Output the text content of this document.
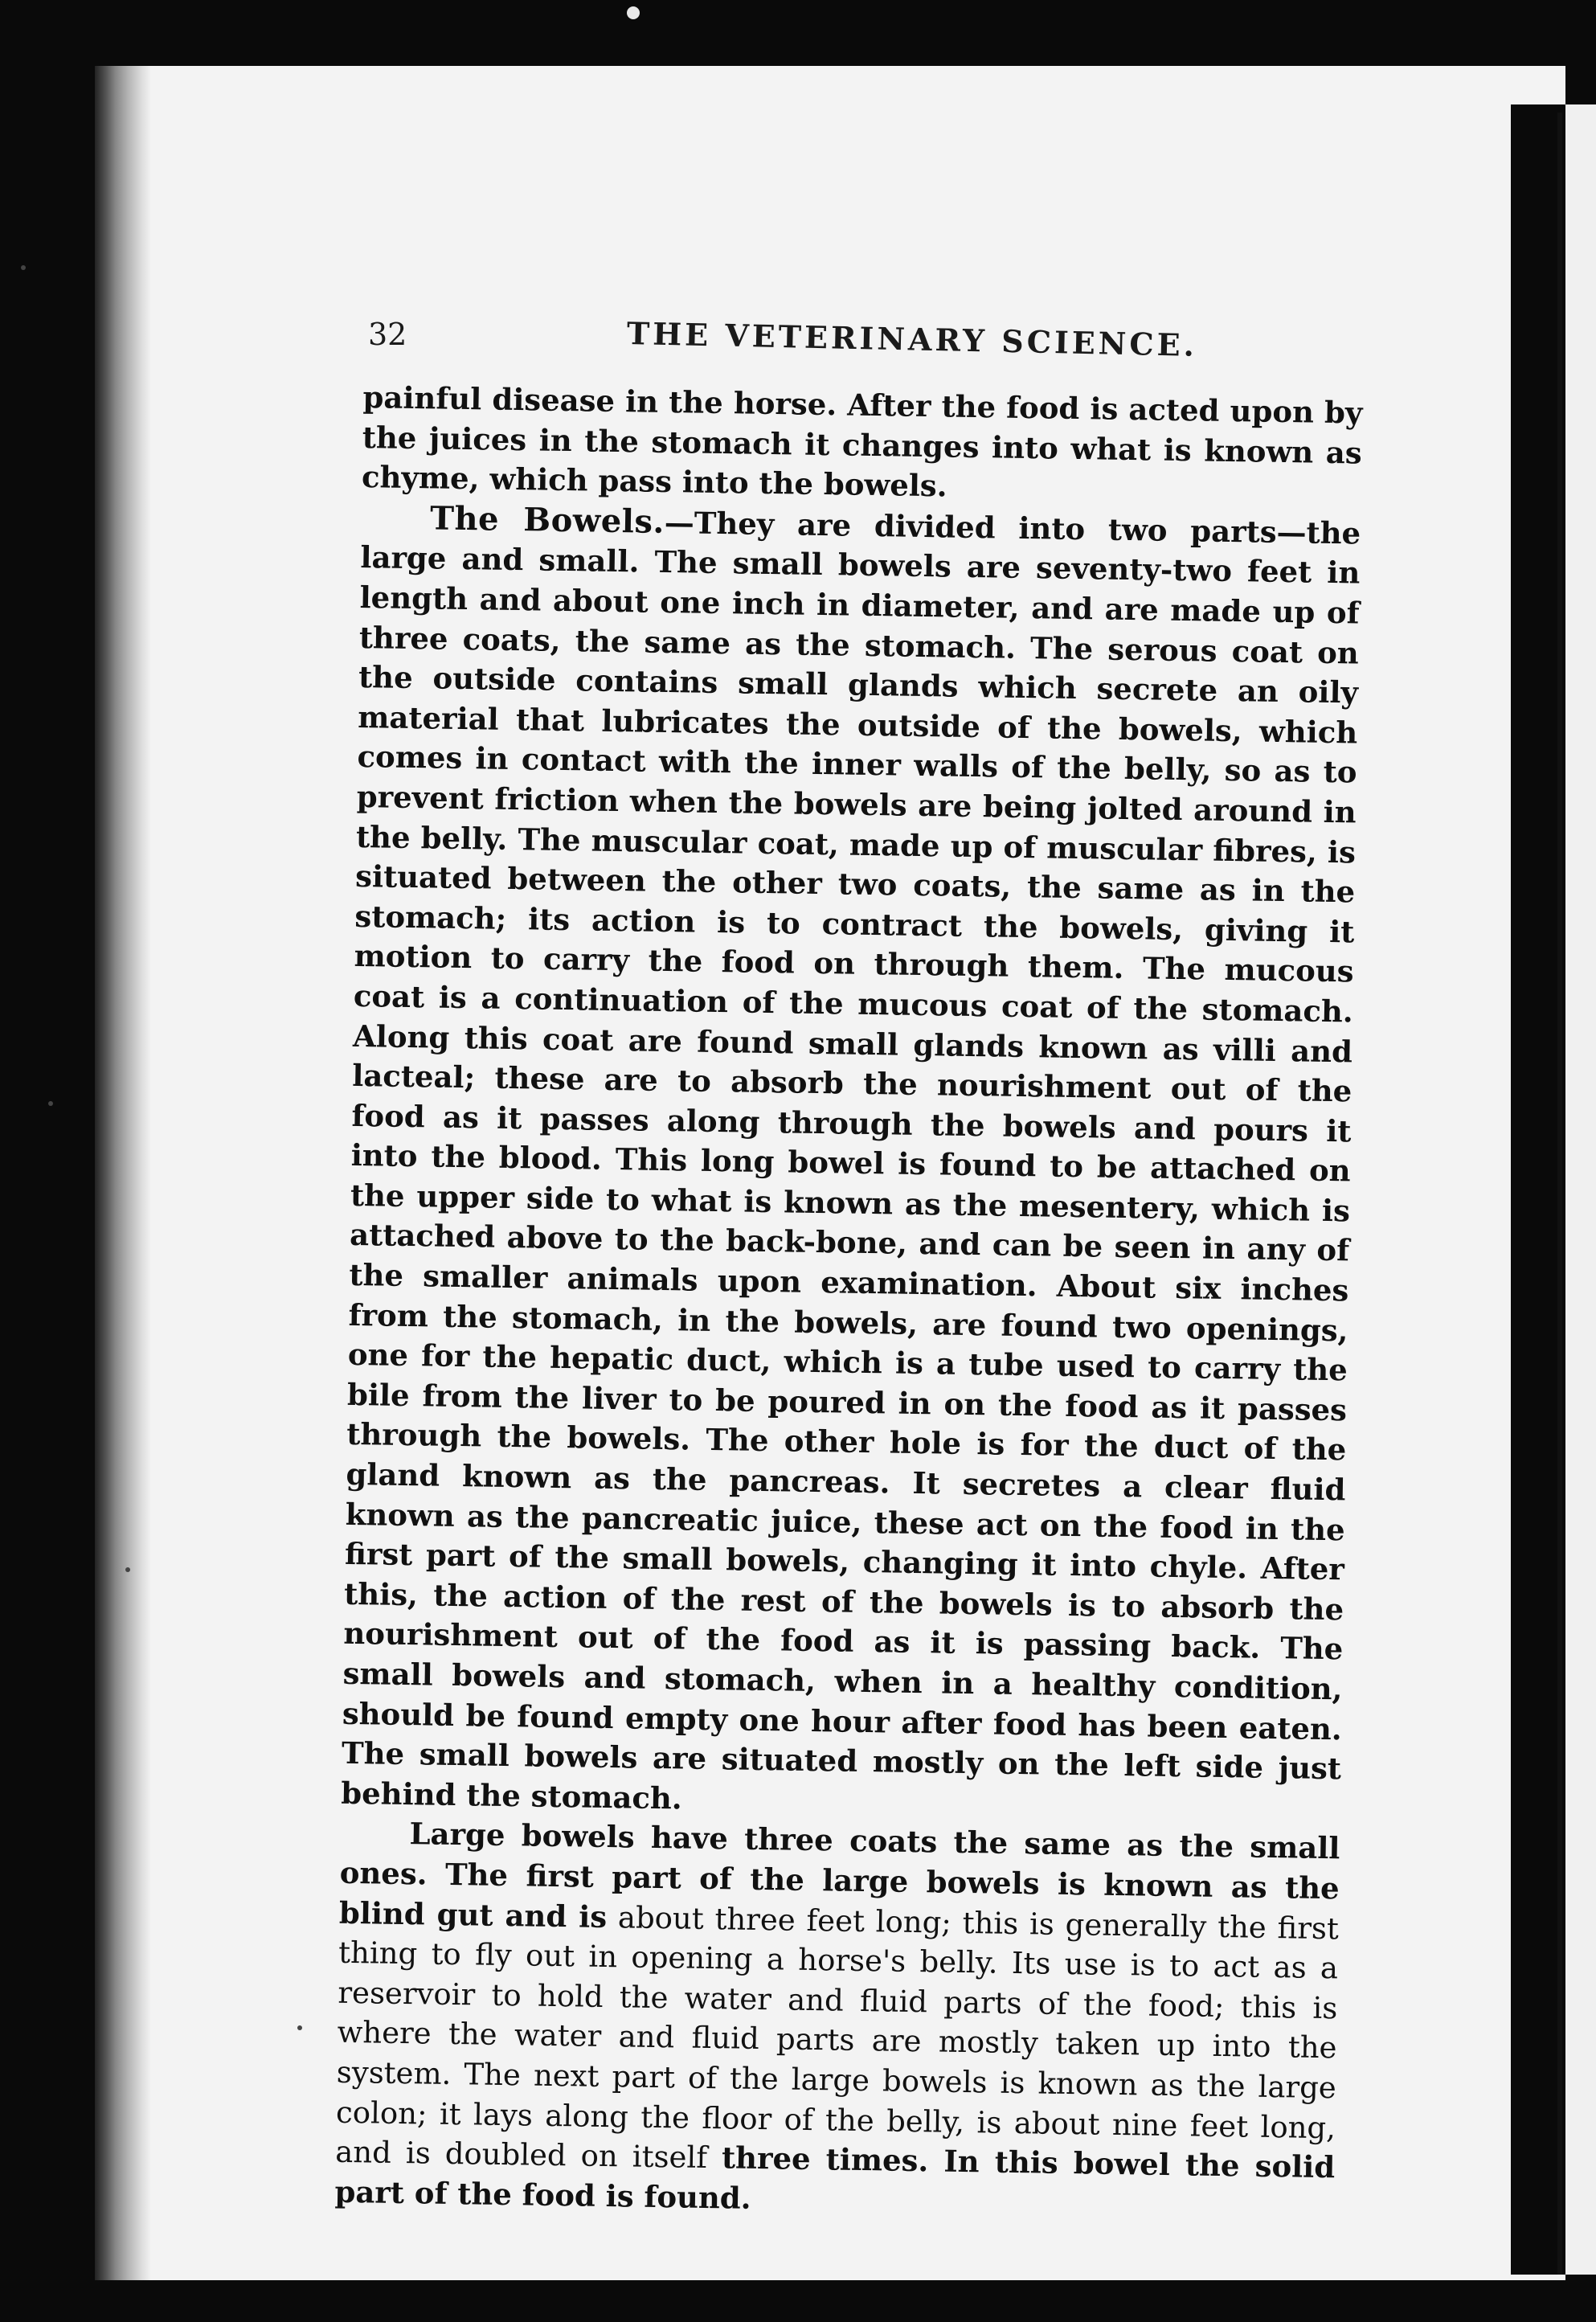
32	THE VETERINARY SCIENCE.

painful disease in the horse. After the food is acted upon by the juices in the stomach it changes into what is known as chyme, which pass into the bowels.

The Bowels.—They are divided into two parts—the large and small. The small bowels are seventy-two feet in length and about one inch in diameter, and are made up of three coats, the same as the stomach. The serous coat on the outside contains small glands which secrete an oily material that lubricates the outside of the bowels, which comes in contact with the inner walls of the belly, so as to prevent friction when the bowels are being jolted around in the belly. The muscular coat, made up of muscular fibres, is situated between the other two coats, the same as in the stomach; its action is to contract the bowels, giving it motion to carry the food on through them. The mucous coat is a continuation of the mucous coat of the stomach. Along this coat are found small glands known as villi and lacteal; these are to absorb the nourishment out of the food as it passes along through the bowels and pours it into the blood. This long bowel is found to be attached on the upper side to what is known as the mesentery, which is attached above to the back-bone, and can be seen in any of the smaller animals upon examination. About six inches from the stomach, in the bowels, are found two openings, one for the hepatic duct, which is a tube used to carry the bile from the liver to be poured in on the food as it passes through the bowels. The other hole is for the duct of the gland known as the pancreas. It secretes a clear fluid known as the pancreatic juice, these act on the food in the first part of the small bowels, changing it into chyle. After this, the action of the rest of the bowels is to absorb the nourishment out of the food as it is passing back. The small bowels and stomach, when in a healthy condition, should be found empty one hour after food has been eaten. The small bowels are situated mostly on the left side just behind the stomach.

Large bowels have three coats the same as the small ones. The first part of the large bowels is known as the blind gut and is about three feet long; this is generally the first thing to fly out in opening a horse's belly. Its use is to act as a reservoir to hold the water and fluid parts of the food; this is where the water and fluid parts are mostly taken up into the system. The next part of the large bowels is known as the large colon; it lays along the floor of the belly, is about nine feet long, and is doubled on itself three times. In this bowel the solid part of the food is found.
